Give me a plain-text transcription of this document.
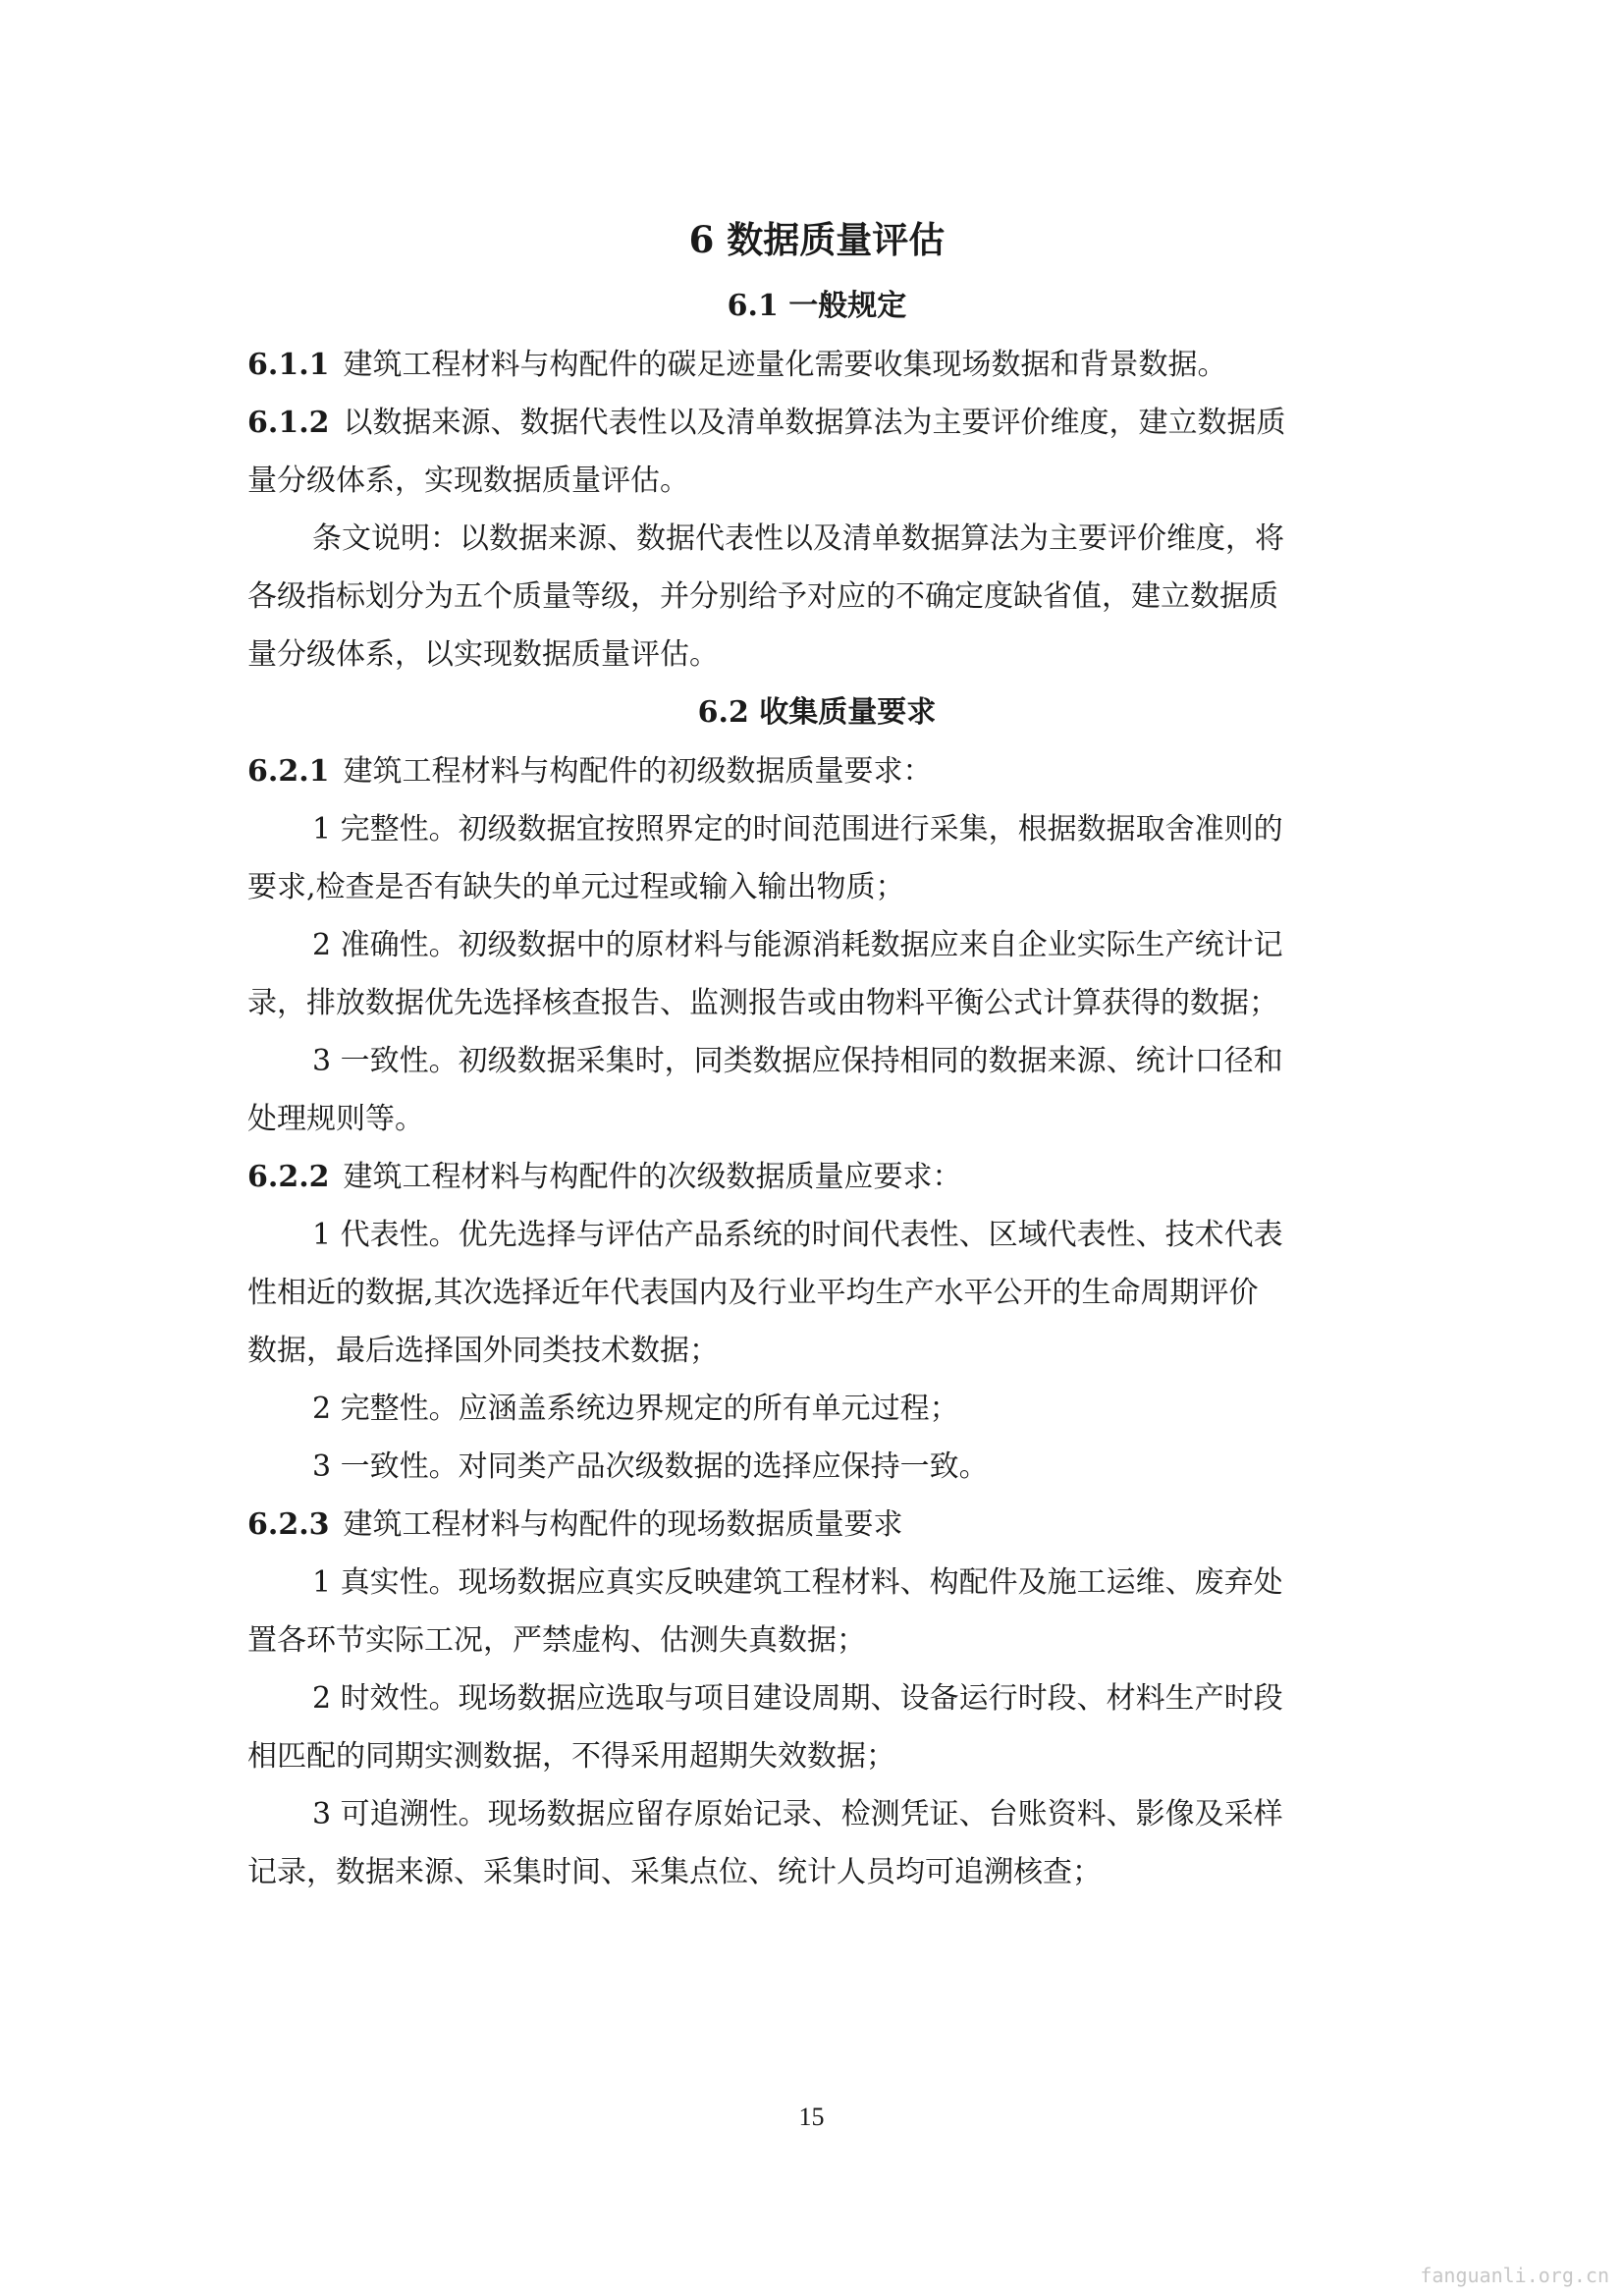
6 数据质量评估
6.1 一般规定

6.1.1 建筑工程材料与构配件的碳足迹量化需要收集现场数据和背景数据。

6.1.2 以数据来源、数据代表性以及清单数据算法为主要评价维度，建立数据质

量分级体系，实现数据质量评估。

条文说明：以数据来源、数据代表性以及清单数据算法为主要评价维度，将

各级指标划分为五个质量等级，并分别给予对应的不确定度缺省值，建立数据质

量分级体系，以实现数据质量评估。

6.2 收集质量要求

6.2.1 建筑工程材料与构配件的初级数据质量要求：

1 完整性。初级数据宜按照界定的时间范围进行采集，根据数据取舍准则的

要求,检查是否有缺失的单元过程或输入输出物质；

2 准确性。初级数据中的原材料与能源消耗数据应来自企业实际生产统计记

录，排放数据优先选择核查报告、监测报告或由物料平衡公式计算获得的数据；

3 一致性。初级数据采集时，同类数据应保持相同的数据来源、统计口径和

处理规则等。

6.2.2 建筑工程材料与构配件的次级数据质量应要求：

1 代表性。优先选择与评估产品系统的时间代表性、区域代表性、技术代表

性相近的数据,其次选择近年代表国内及行业平均生产水平公开的生命周期评价

数据，最后选择国外同类技术数据；

2 完整性。应涵盖系统边界规定的所有单元过程；

3 一致性。对同类产品次级数据的选择应保持一致。

6.2.3 建筑工程材料与构配件的现场数据质量要求

1 真实性。现场数据应真实反映建筑工程材料、构配件及施工运维、废弃处

置各环节实际工况，严禁虚构、估测失真数据；

2 时效性。现场数据应选取与项目建设周期、设备运行时段、材料生产时段

相匹配的同期实测数据，不得采用超期失效数据；

3 可追溯性。现场数据应留存原始记录、检测凭证、台账资料、影像及采样

记录，数据来源、采集时间、采集点位、统计人员均可追溯核查；

15
fanguanli.org.cn
